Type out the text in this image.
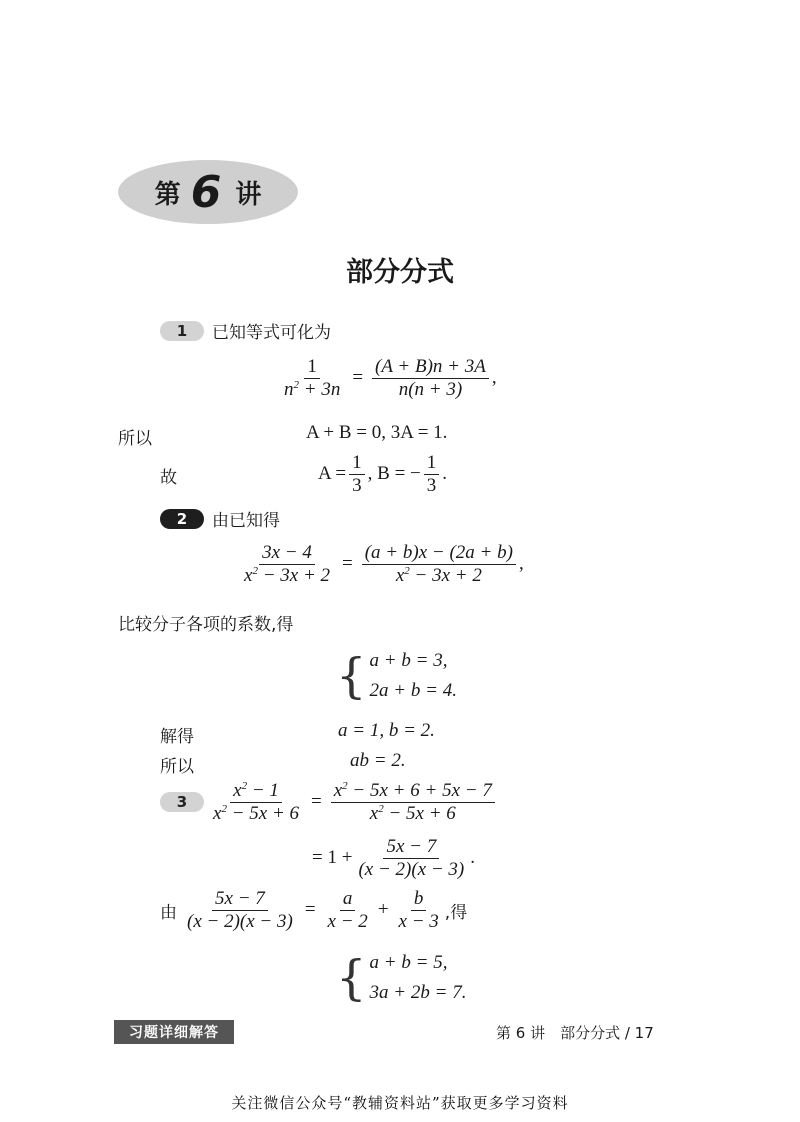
第 6 讲
部分分式
1	已知等式可化为
$\frac{1}{n^2 + 3n} = \frac{(A + B)n + 3A}{n(n + 3)}$ ,
所以	A + B = 0, 3A = 1.
故	$A = \frac{1}{3}$ , B = − $\frac{1}{3}$ .
2	由已知得
$\frac{3x - 4}{x^2 - 3x + 2} = \frac{(a + b)x - (2a + b)}{x^2 - 3x + 2}$ ,
比较分子各项的系数,得
{ a + b = 3,
2a + b = 4.
解得	a = 1, b = 2.
所以	ab = 2.
3	$\frac{x^2 - 1}{x^2 - 5x + 6} = \frac{x^2 - 5x + 6 + 5x - 7}{x^2 - 5x + 6}$
= $1 + \frac{5x - 7}{(x - 2)(x - 3)}$ .
由 $\frac{5x - 7}{(x - 2)(x - 3)} = \frac{a}{x - 2} + \frac{b}{x - 3}$ ,得
{ a + b = 5,
3a + 2b = 7.
习题详细解答	第 6 讲　部分分式 / 17
关注微信公众号“教辅资料站”获取更多学习资料
